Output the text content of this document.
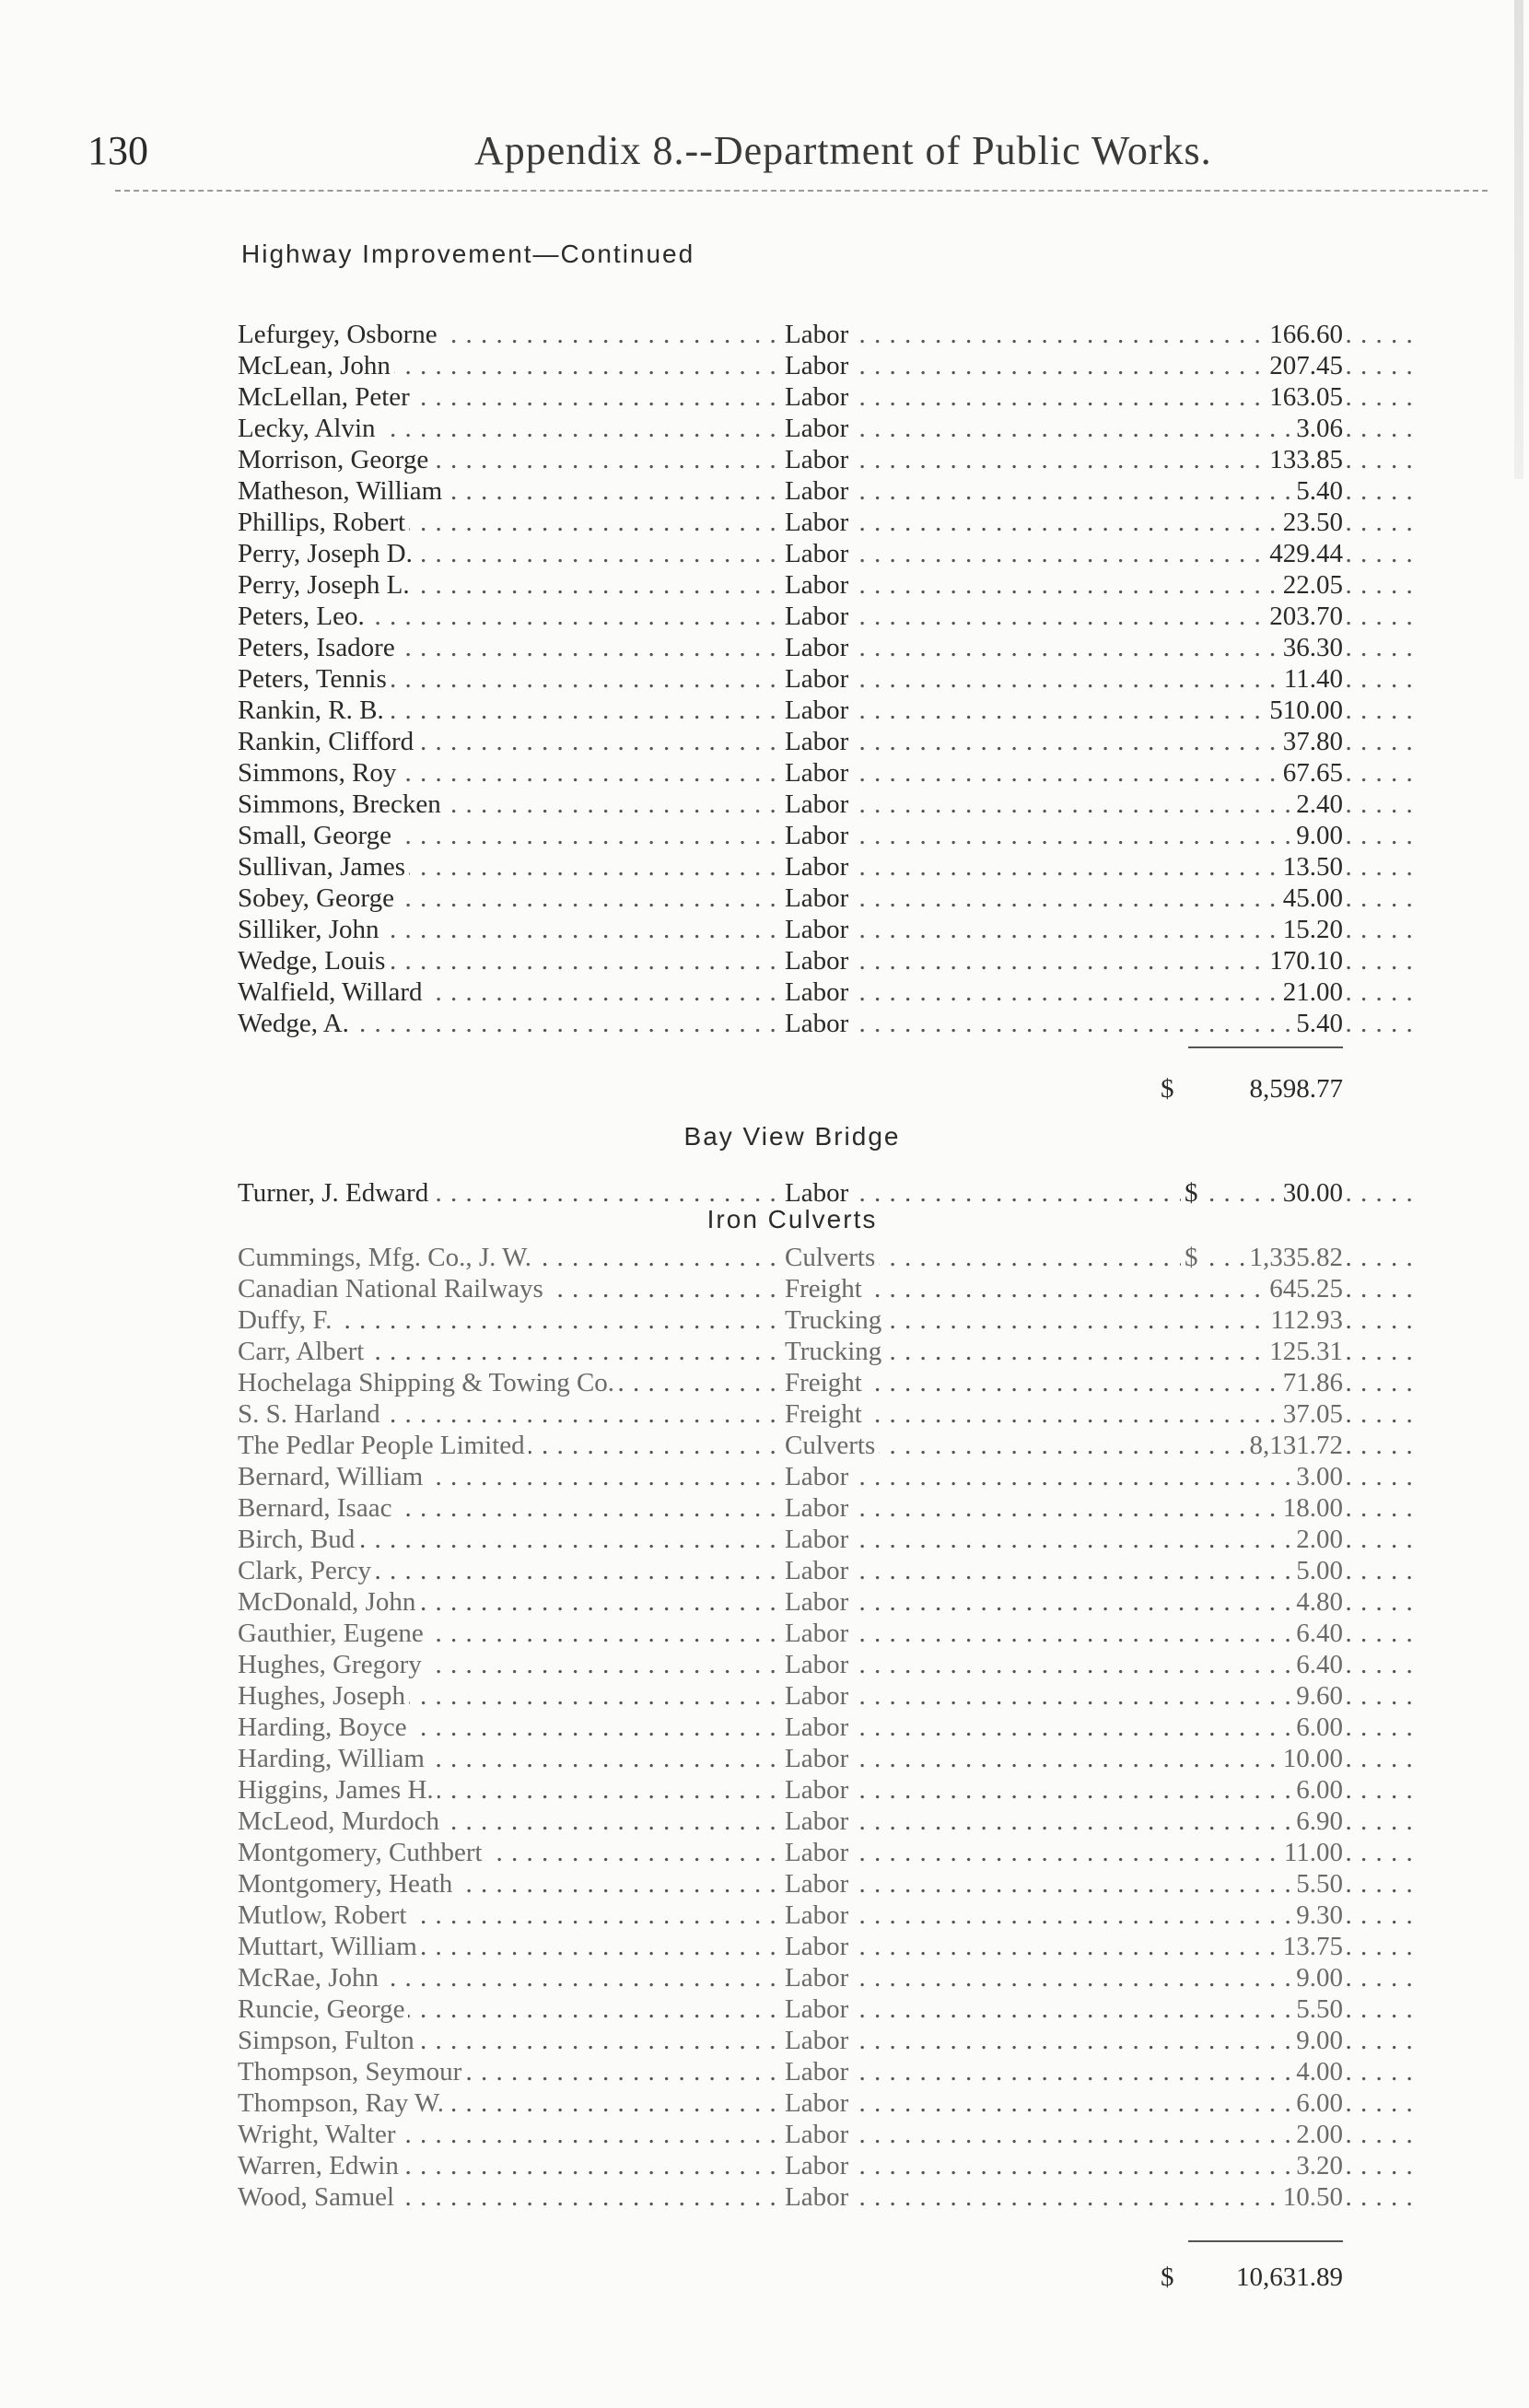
130	Appendix 8.--Department of Public Works.
Highway Improvement—Continued
. . .
. . .
Lefurgey, Osborne	Labor	166.60
. . .
. . .
McLean, John	Labor	207.45
. . .
. . .
McLellan, Peter	Labor	163.05
. . .
. . .
Lecky, Alvin	Labor	3.06
. . .
. . .
Morrison, George	Labor	133.85
. . .
. . .
Matheson, William	Labor	5.40
. . .
. . .
Phillips, Robert	Labor	23.50
. . .
. . .
Perry, Joseph D.	Labor	429.44
. . .
. . .
Perry, Joseph L.	Labor	22.05
. . .
. . .
Peters, Leo.	Labor	203.70
. . .
. . .
Peters, Isadore	Labor	36.30
. . .
. . .
Peters, Tennis	Labor	11.40
. . .
. . .
Rankin, R. B.	Labor	510.00
. . .
. . .
Rankin, Clifford	Labor	37.80
. . .
. . .
Simmons, Roy	Labor	67.65
. . .
. . .
Simmons, Brecken	Labor	2.40
. . .
. . .
Small, George	Labor	9.00
. . .
. . .
Sullivan, James	Labor	13.50
. . .
. . .
Sobey, George	Labor	45.00
. . .
. . .
Silliker, John	Labor	15.20
. . .
. . .
Wedge, Louis	Labor	170.10
. . .
. . .
Walfield, Willard	Labor	21.00
. . .
. . .
Wedge, A.	Labor	5.40
$	8,598.77
Bay View Bridge
. . .
. . .
Turner, J. Edward	Labor	$	30.00
Iron Culverts
. . .
. . .
Cummings, Mfg. Co., J. W.	Culverts	$ 1,335.82
. . .
. . .
Canadian National Railways	Freight	645.25
. . .
. . .
Duffy, F.	Trucking	112.93
. . .
. . .
Carr, Albert	Trucking	125.31
. . .
. . .
Hochelaga Shipping & Towing Co.	Freight	71.86
. . .
. . .
S. S. Harland	Freight	37.05
. . .
. . .
The Pedlar People Limited	Culverts	8,131.72
. . .
. . .
Bernard, William	Labor	3.00
. . .
. . .
Bernard, Isaac	Labor	18.00
. . .
. . .
Birch, Bud	Labor	2.00
. . .
. . .
Clark, Percy	Labor	5.00
. . .
. . .
McDonald, John	Labor	4.80
. . .
. . .
Gauthier, Eugene	Labor	6.40
. . .
. . .
Hughes, Gregory	Labor	6.40
. . .
. . .
Hughes, Joseph	Labor	9.60
. . .
. . .
Harding, Boyce	Labor	6.00
. . .
. . .
Harding, William	Labor	10.00
. . .
. . .
Higgins, James H.	Labor	6.00
. . .
. . .
McLeod, Murdoch	Labor	6.90
. . .
. . .
Montgomery, Cuthbert	Labor	11.00
. . .
. . .
Montgomery, Heath	Labor	5.50
. . .
. . .
Mutlow, Robert	Labor	9.30
. . .
. . .
Muttart, William	Labor	13.75
. . .
. . .
McRae, John	Labor	9.00
. . .
. . .
Runcie, George	Labor	5.50
. . .
. . .
Simpson, Fulton	Labor	9.00
. . .
. . .
Thompson, Seymour	Labor	4.00
. . .
. . .
Thompson, Ray W.	Labor	6.00
. . .
. . .
Wright, Walter	Labor	2.00
. . .
. . .
Warren, Edwin	Labor	3.20
. . .
. . .
Wood, Samuel	Labor	10.50
$ 10,631.89
